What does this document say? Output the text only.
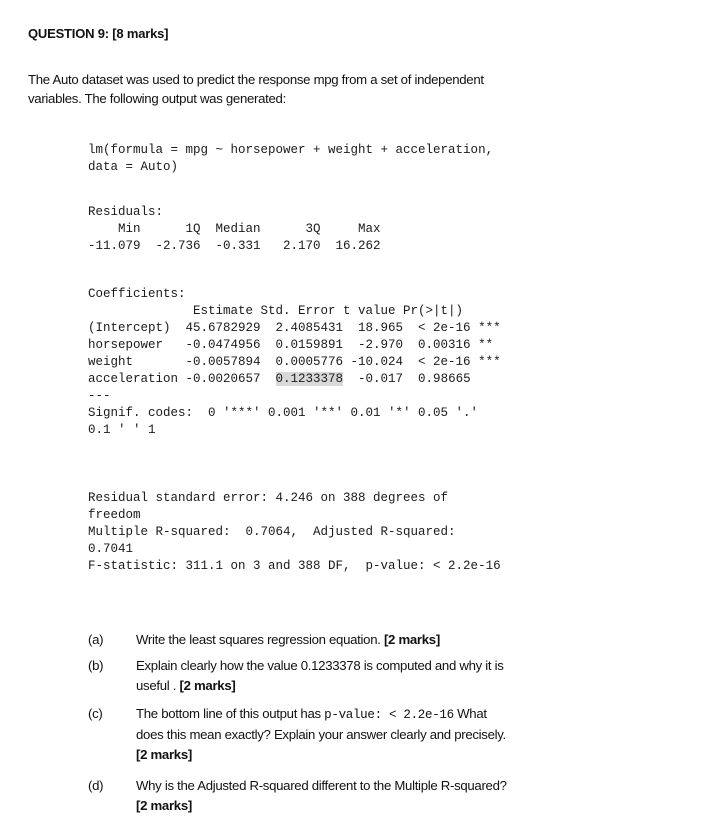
QUESTION 9: [8 marks]
The Auto dataset was used to predict the response mpg from a set of independent
variables. The following output was generated:
lm(formula = mpg ~ horsepower + weight + acceleration,
data = Auto)
Residuals:
Min      1Q  Median      3Q     Max
-11.079  -2.736  -0.331   2.170  16.262
Coefficients:
Estimate Std. Error t value Pr(>|t|)
(Intercept)  45.6782929  2.4085431  18.965  < 2e-16 ***
horsepower   -0.0474956  0.0159891  -2.970  0.00316 **
weight       -0.0057894  0.0005776 -10.024  < 2e-16 ***
acceleration -0.0020657  0.1233378  -0.017  0.98665
---
Signif. codes:  0 '***' 0.001 '**' 0.01 '*' 0.05 '.'
0.1 ' ' 1
Residual standard error: 4.246 on 388 degrees of
freedom
Multiple R-squared:  0.7064,  Adjusted R-squared:
0.7041
F-statistic: 311.1 on 3 and 388 DF,  p-value: < 2.2e-16
(a) Write the least squares regression equation. [2 marks]
(b) Explain clearly how the value 0.1233378 is computed and why it is
useful . [2 marks]
(c)	The bottom line of this output has p-value: < 2.2e-16 What
does this mean exactly? Explain your answer clearly and precisely.
[2 marks]
(d) Why is the Adjusted R-squared different to the Multiple R-squared?
[2 marks]
